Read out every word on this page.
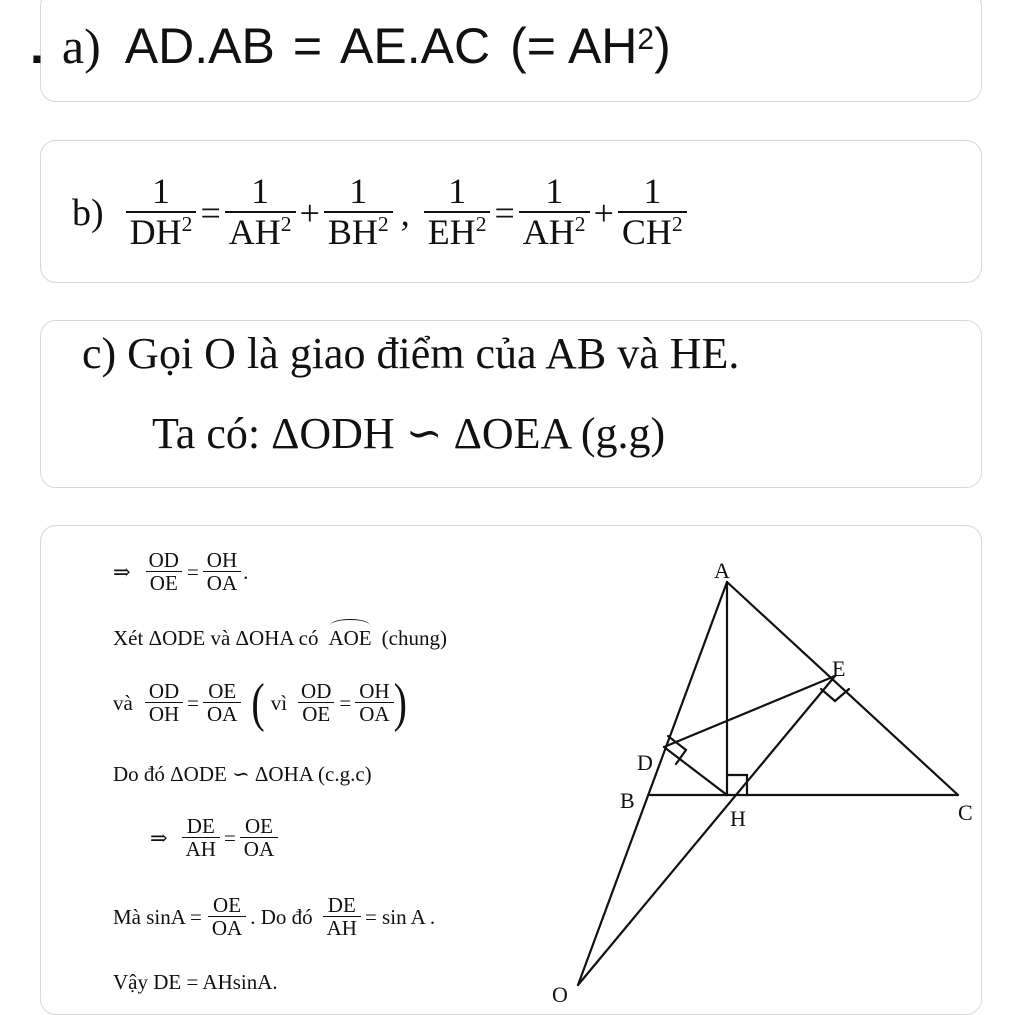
. a) AD.AB = AE.AC (= $AH^2$ )
$b) \frac{1}{DH^2} = \frac{1}{AH^2} + \frac{1}{BH^2}$ , $\frac{1}{EH^2} = \frac{1}{AH^2} + \frac{1}{CH^2}$
c) Gọi O là giao điểm của AB và HE.
Ta có: ΔODH ∽ ΔOEA (g.g)
⇒ $\frac{OD}{OE} = \frac{OH}{OA}$ .
Xét ΔODE và ΔOHA có AOE (chung)
và $\frac{OD}{OH} = \frac{OE}{OA}$ ( vì $\frac{OD}{OE} = \frac{OH}{OA}$ )
Do đó ΔODE ∽ ΔOHA (c.g.c)
⇒ $\frac{DE}{AH} = \frac{OE}{OA}$
Mà $\sin A = \frac{OE}{OA}$ . Do đó $\frac{DE}{AH} = \sin A$ .
Vậy DE = AHsinA.
A
E
D
B
H	C
O
